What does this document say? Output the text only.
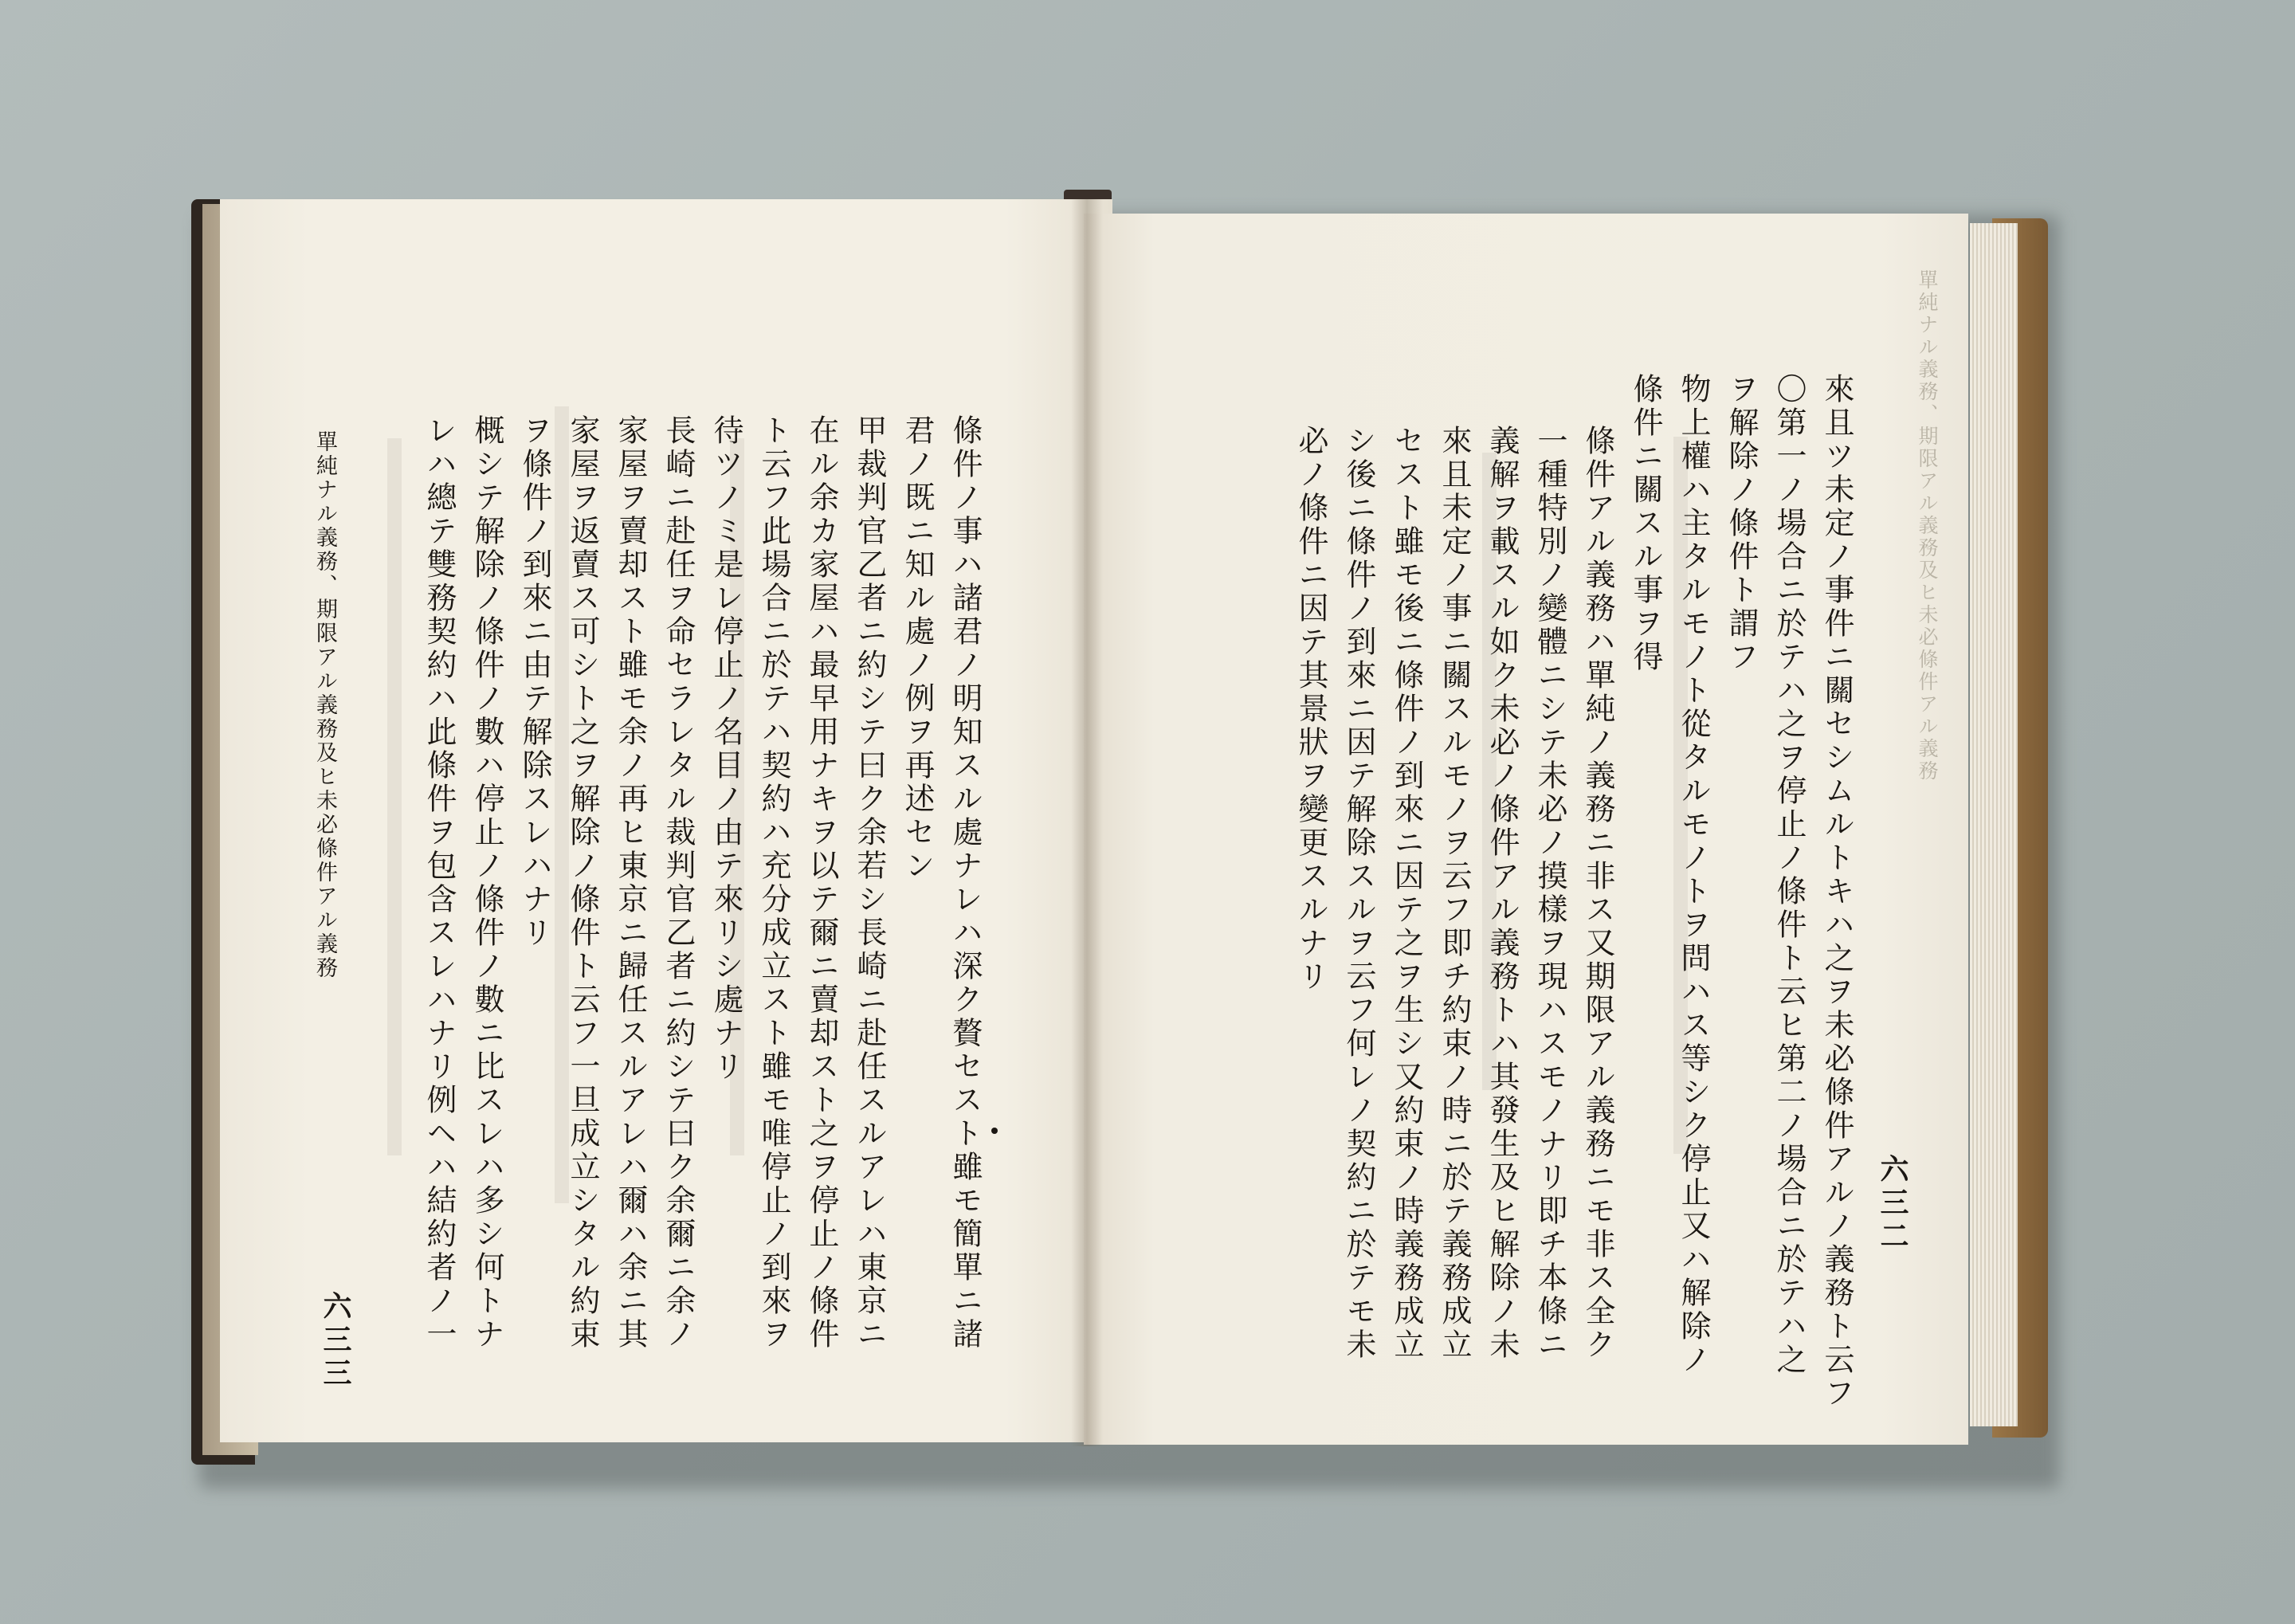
單純ナル義務、期限アル義務及ヒ未必條件アル義務	條件ノ事ハ諸君ノ明知スル處ナレハ深ク贅セスト雖モ簡單ニ諸
君ノ既ニ知ル處ノ例ヲ再述セン
甲裁判官乙者ニ約シテ曰ク余若シ長崎ニ赴任スルアレハ東京ニ
在ル余カ家屋ハ最早用ナキヲ以テ爾ニ賣却スト之ヲ停止ノ條件
ト云フ此場合ニ於テハ契約ハ充分成立スト雖モ唯停止ノ到來ヲ
待ツノミ是レ停止ノ名目ノ由テ來リシ處ナリ
長崎ニ赴任ヲ命セラレタル裁判官乙者ニ約シテ曰ク余爾ニ余ノ
家屋ヲ賣却スト雖モ余ノ再ヒ東京ニ歸任スルアレハ爾ハ余ニ其
家屋ヲ返賣ス可シト之ヲ解除ノ條件ト云フ一旦成立シタル約束
ヲ條件ノ到來ニ由テ解除スレハナリ
概シテ解除ノ條件ノ數ハ停止ノ條件ノ數ニ比スレハ多シ何トナ
レハ總テ雙務契約ハ此條件ヲ包含スレハナリ例ヘハ結約者ノ一
六三三
單純ナル義務、期限アル義務及ヒ未必條件アル義務
來且ツ未定ノ事件ニ關セシムルトキハ之ヲ未必條件アルノ義務ト云フ
〇第一ノ場合ニ於テハ之ヲ停止ノ條件ト云ヒ第二ノ場合ニ於テハ之
ヲ解除ノ條件ト謂フ
物上權ハ主タルモノト從タルモノトヲ問ハス等シク停止又ハ解除ノ
條件ニ關スル事ヲ得
條件アル義務ハ單純ノ義務ニ非ス又期限アル義務ニモ非ス全ク
一種特別ノ變體ニシテ未必ノ摸樣ヲ現ハスモノナリ即チ本條ニ
義解ヲ載スル如ク未必ノ條件アル義務トハ其發生及ヒ解除ノ未
來且未定ノ事ニ關スルモノヲ云フ即チ約束ノ時ニ於テ義務成立
セスト雖モ後ニ條件ノ到來ニ因テ之ヲ生シ又約束ノ時義務成立
シ後ニ條件ノ到來ニ因テ解除スルヲ云フ何レノ契約ニ於テモ未
必ノ條件ニ因テ其景狀ヲ變更スルナリ
六三二
